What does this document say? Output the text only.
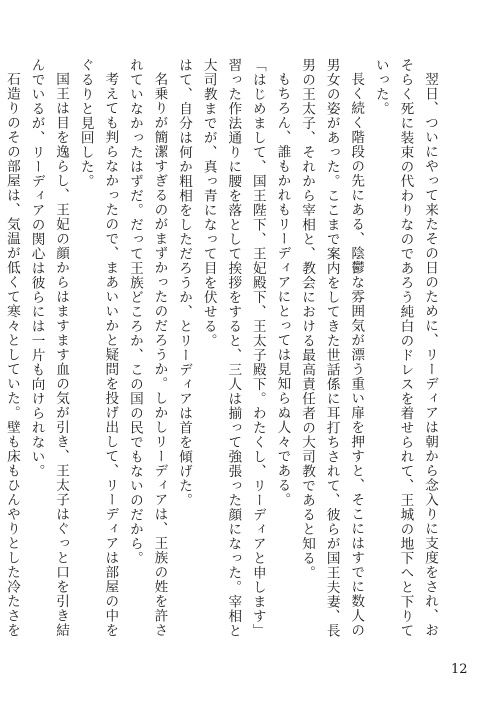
翌日、ついにやって来たその日のために、リーディアは朝から念入りに支度をされ、おそらく死に装束の代わりなのであろう純白のドレスを着せられて、王城の地下へと下りていった。

長く続く階段の先にある、陰鬱な雰囲気が漂う重い扉を押すと、そこにはすでに数人の男女の姿があった。ここまで案内をしてきた世話係に耳打ちされて、彼らが国王夫妻、長男の王太子、それから宰相と、教会における最高責任者の大司教であると知る。

もちろん、誰もかれもリーディアにとっては見知らぬ人々である。

「はじめまして、国王陛下、王妃殿下、王太子殿下。わたくし、リーディアと申します」

習った作法通りに腰を落として挨拶をすると、三人は揃って強張った顔になった。宰相と大司教までが、真っ青になって目を伏せる。

はて、自分は何か粗相をしただろうか、とリーディアは首を傾げた。

名乗りが簡潔すぎるのがまずかったのだろうか。しかしリーディアは、王族の姓を許されていなかったはずだ。だって王族どころか、この国の民でもないのだから。

考えても判らなかったので、まあいいかと疑問を投げ出して、リーディアは部屋の中をぐるりと見回した。

国王は目を逸らし、王妃の顔からはますます血の気が引き、王太子はぐっと口を引き結んでいるが、リーディアの関心は彼らには一片も向けられない。

石造りのその部屋は、気温が低くて寒々としていた。壁も床もひんやりとした冷たさを

12
